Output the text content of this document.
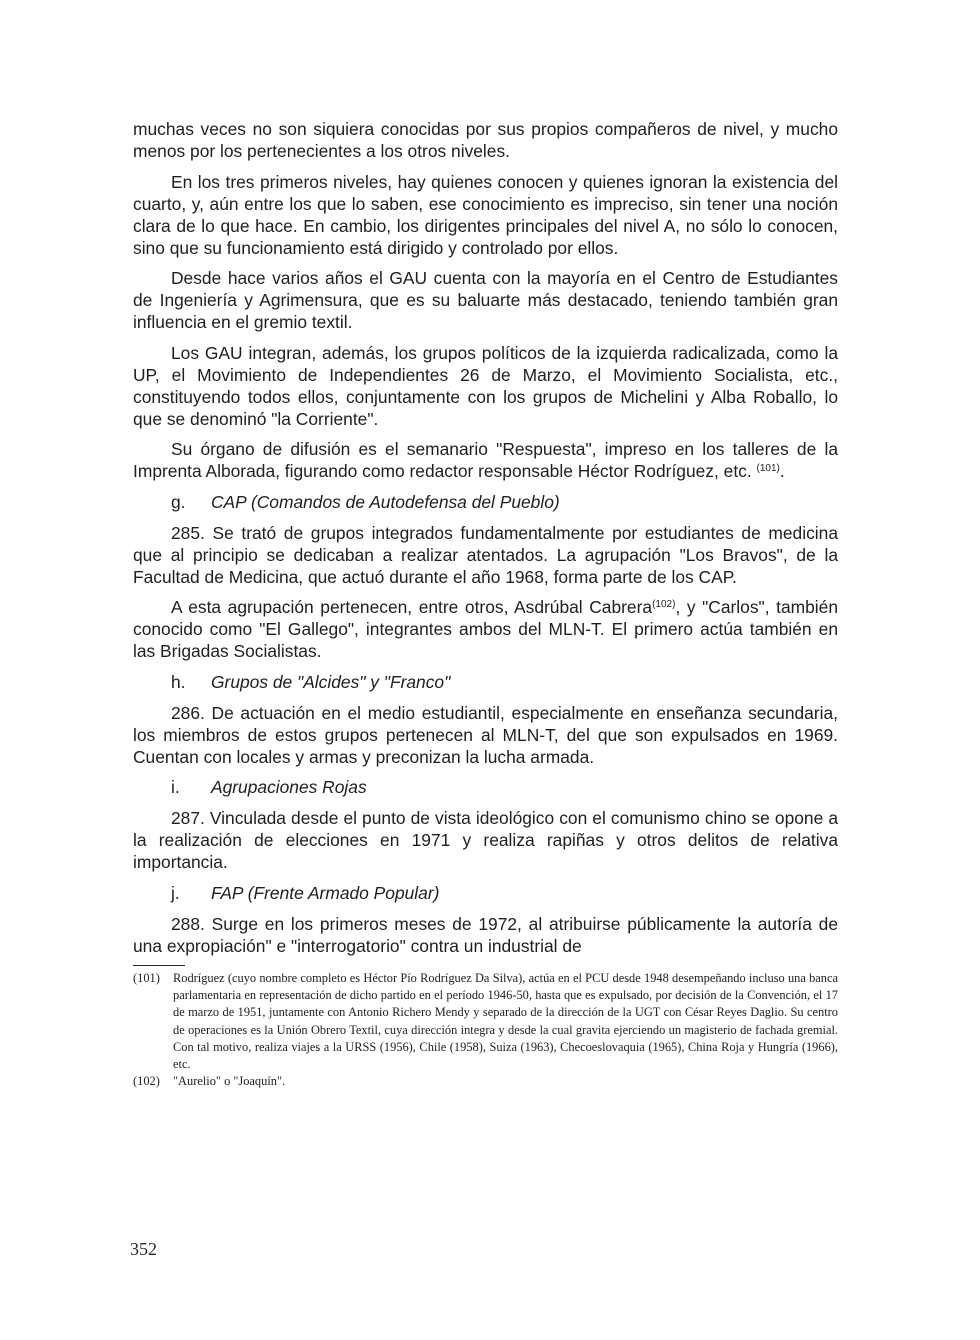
muchas veces no son siquiera conocidas por sus propios compañeros de nivel, y mucho menos por los pertenecientes a los otros niveles.

En los tres primeros niveles, hay quienes conocen y quienes ignoran la existencia del cuarto, y, aún entre los que lo saben, ese conocimiento es impreciso, sin tener una noción clara de lo que hace. En cambio, los dirigentes principales del nivel A, no sólo lo conocen, sino que su funcionamiento está dirigido y controlado por ellos.

Desde hace varios años el GAU cuenta con la mayoría en el Centro de Estudiantes de Ingeniería y Agrimensura, que es su baluarte más destacado, teniendo también gran influencia en el gremio textil.

Los GAU integran, además, los grupos políticos de la izquierda radicalizada, como la UP, el Movimiento de Independientes 26 de Marzo, el Movimiento Socialista, etc., constituyendo todos ellos, conjuntamente con los grupos de Michelini y Alba Roballo, lo que se denominó "la Corriente".

Su órgano de difusión es el semanario "Respuesta", impreso en los talleres de la Imprenta Alborada, figurando como redactor responsable Héctor Rodríguez, etc. $^{(101)}$.

g. CAP (Comandos de Autodefensa del Pueblo)

285. Se trató de grupos integrados fundamentalmente por estudiantes de medicina que al principio se dedicaban a realizar atentados. La agrupación "Los Bravos", de la Facultad de Medicina, que actuó durante el año 1968, forma parte de los CAP.

A esta agrupación pertenecen, entre otros, Asdrúbal Cabrera$^{(102)}$, y "Carlos", también conocido como "El Gallego", integrantes ambos del MLN-T. El primero actúa también en las Brigadas Socialistas.

h. Grupos de "Alcides" y "Franco"

286. De actuación en el medio estudiantil, especialmente en enseñanza secundaria, los miembros de estos grupos pertenecen al MLN-T, del que son expulsados en 1969. Cuentan con locales y armas y preconizan la lucha armada.

i. Agrupaciones Rojas

287. Vinculada desde el punto de vista ideológico con el comunismo chino se opone a la realización de elecciones en 1971 y realiza rapiñas y otros delitos de relativa importancia.

j. FAP (Frente Armado Popular)

288. Surge en los primeros meses de 1972, al atribuirse públicamente la autoría de una expropiación" e "interrogatorio" contra un industrial de

(101)	Rodríguez (cuyo nombre completo es Héctor Pío Rodríguez Da Silva), actúa en el PCU desde 1948 desempeñando incluso una banca parlamentaria en representación de dicho partido en el período 1946-50, hasta que es expulsado, por decisión de la Convención, el 17 de marzo de 1951, juntamente con Antonio Richero Mendy y separado de la dirección de la UGT con César Reyes Daglio. Su centro de operaciones es la Unión Obrero Textil, cuya dirección integra y desde la cual gravita ejerciendo un magisterio de fachada gremial. Con tal motivo, realiza viajes a la URSS (1956), Chile (1958), Suiza (1963), Checoeslovaquia (1965), China Roja y Hungría (1966), etc.

(102)	"Aurelio" o "Joaquín".

352
